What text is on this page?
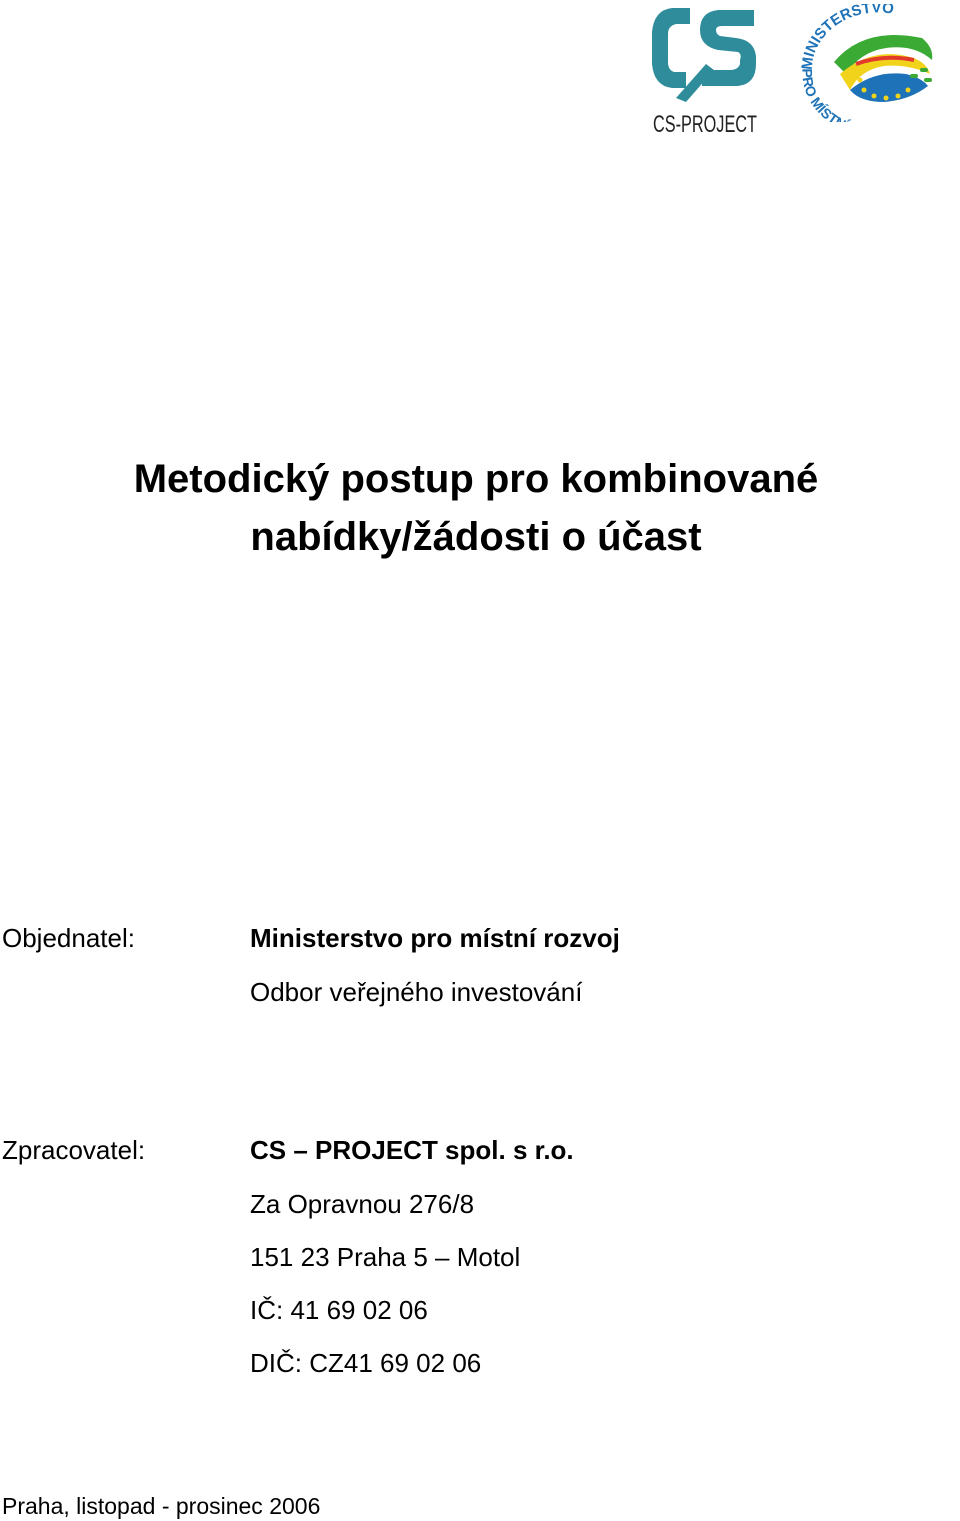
CS-PROJECT
MINISTERSTVO
PRO MÍST
Metodický postup pro kombinované
nabídky/žádosti o účast
Objednatel:	Ministerstvo pro místní rozvoj
Odbor veřejného investování
Zpracovatel:	CS – PROJECT spol. s r.o.
Za Opravnou 276/8
151 23 Praha 5 – Motol
IČ: 41 69 02 06
DIČ: CZ41 69 02 06
Praha, listopad - prosinec 2006
